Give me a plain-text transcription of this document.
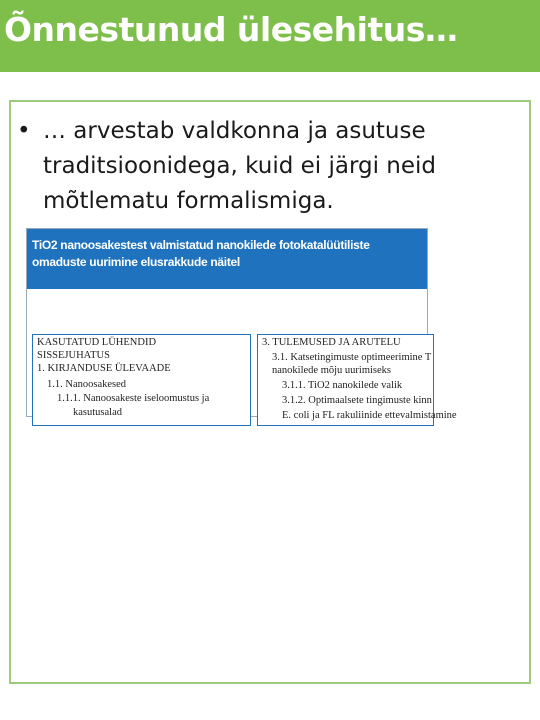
Õnnestunud ülesehitus…

• … arvestab valdkonna ja asutuse traditsioonidega, kuid ei järgi neid mõtlematu formalismiga.

TiO2 nanoosakestest valmistatud nanokilede fotokatalüütiliste omaduste uurimine elusrakkude näitel
KASUTATUD LÜHENDID
SISSEJUHATUS
1. KIRJANDUSE ÜLEVAADE
1.1. Nanoosakesed
1.1.1. Nanoosakeste iseloomustus ja
kasutusalad
3. TULEMUSED JA ARUTELU
3.1. Katsetingimuste optimeerimine T
nanokilede mõju uurimiseks
3.1.1. TiO2 nanokilede valik
3.1.2. Optimaalsete tingimuste kinn
E. coli ja FL rakuliinide ettevalmistamine
